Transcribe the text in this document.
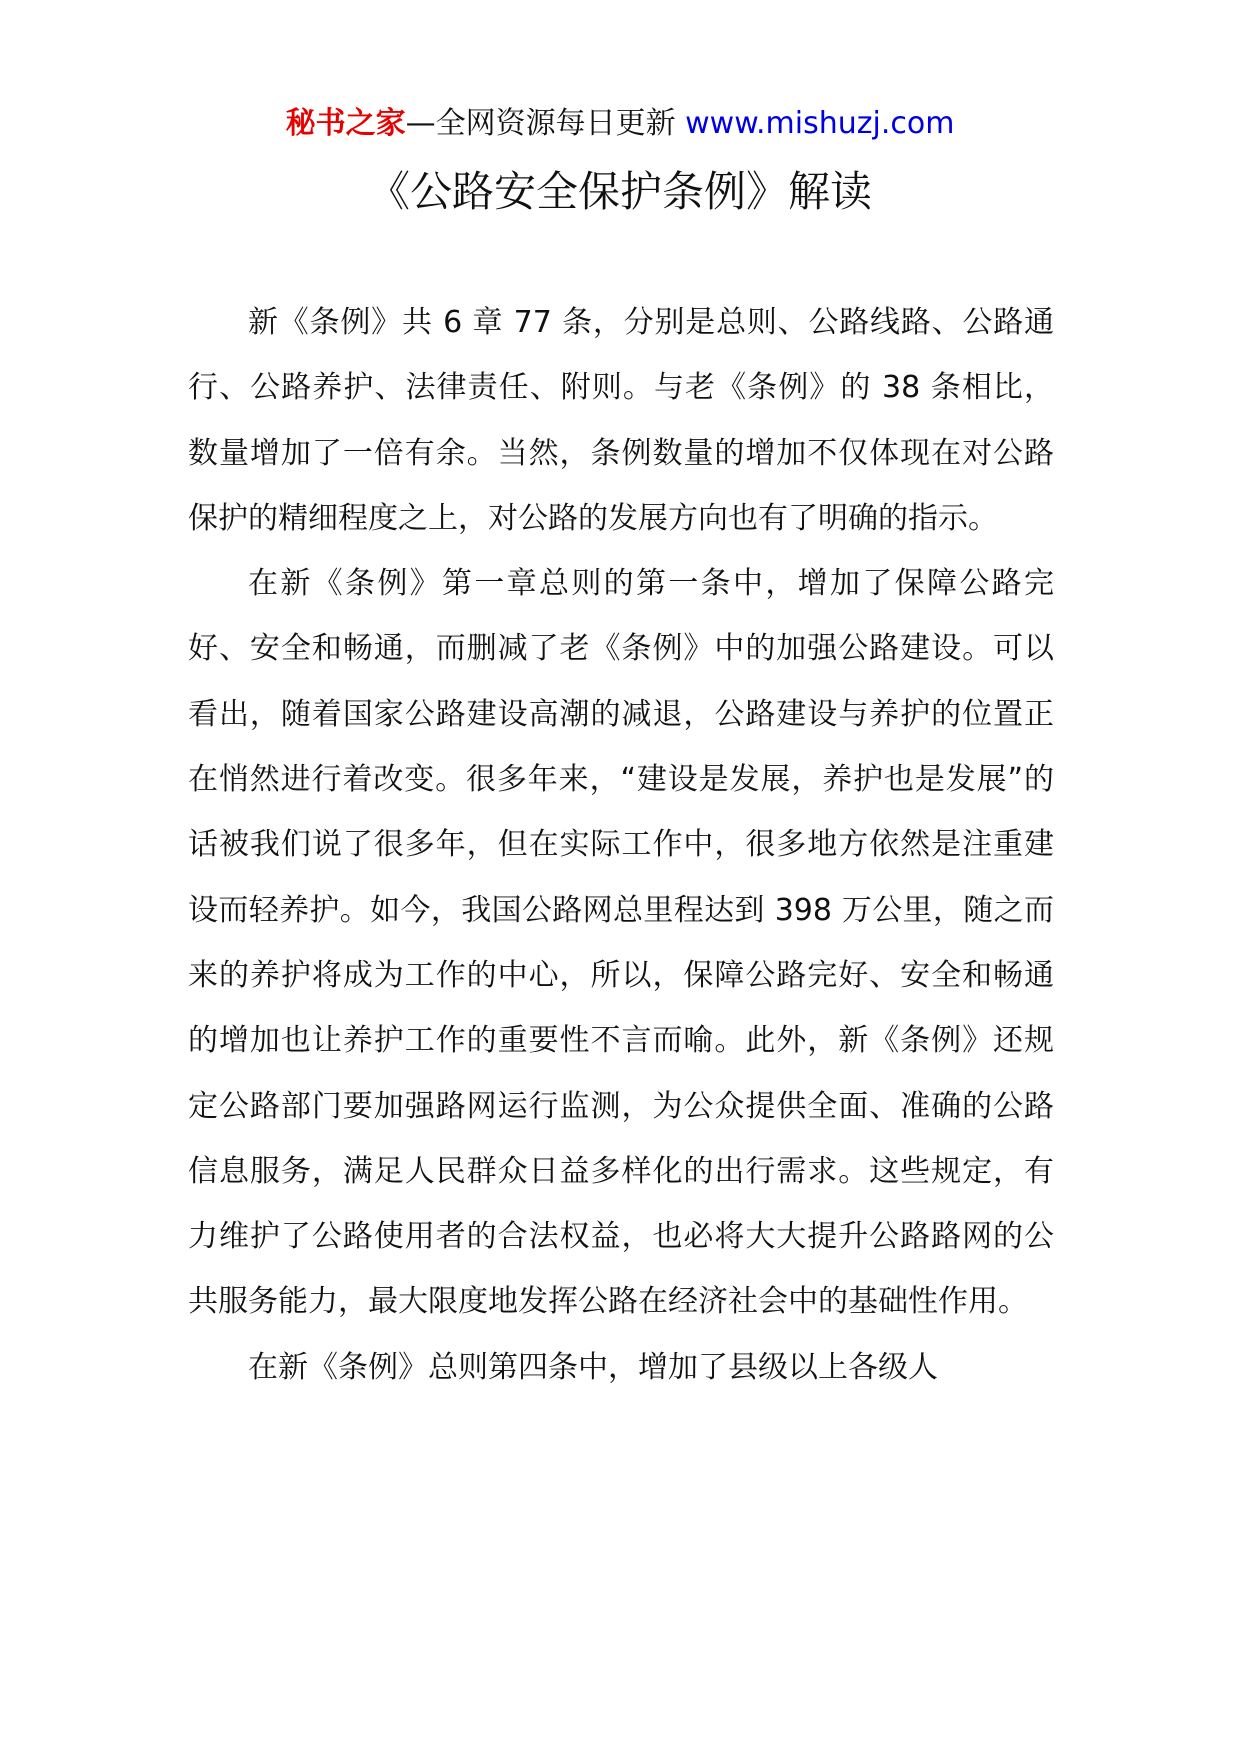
秘书之家—全网资源每日更新 www.mishuzj.com
《公路安全保护条例》解读

新《条例》共 6 章 77 条，分别是总则、公路线路、公路通行、公路养护、法律责任、附则。与老《条例》的 38 条相比，数量增加了一倍有余。当然，条例数量的增加不仅体现在对公路保护的精细程度之上，对公路的发展方向也有了明确的指示。

在新《条例》第一章总则的第一条中，增加了保障公路完好、安全和畅通，而删减了老《条例》中的加强公路建设。可以看出，随着国家公路建设高潮的减退，公路建设与养护的位置正在悄然进行着改变。很多年来，“建设是发展，养护也是发展”的话被我们说了很多年，但在实际工作中，很多地方依然是注重建设而轻养护。如今，我国公路网总里程达到 398 万公里，随之而来的养护将成为工作的中心，所以，保障公路完好、安全和畅通的增加也让养护工作的重要性不言而喻。此外，新《条例》还规定公路部门要加强路网运行监测，为公众提供全面、准确的公路信息服务，满足人民群众日益多样化的出行需求。这些规定，有力维护了公路使用者的合法权益，也必将大大提升公路路网的公共服务能力，最大限度地发挥公路在经济社会中的基础性作用。

在新《条例》总则第四条中，增加了县级以上各级人
